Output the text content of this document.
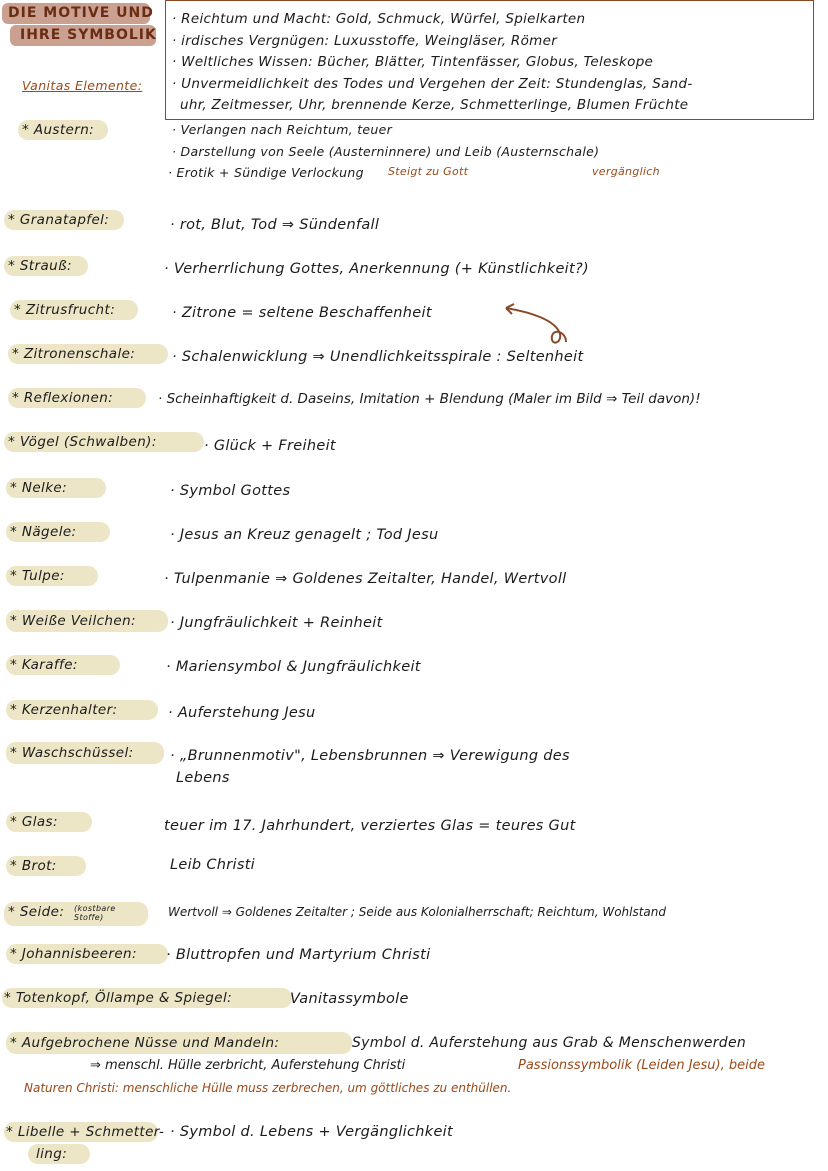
DIE MOTIVE UND
IHRE SYMBOLIK
Vanitas Elemente:
· Reichtum und Macht: Gold, Schmuck, Würfel, Spielkarten
· irdisches Vergnügen: Luxusstoffe, Weingläser, Römer
· Weltliches Wissen: Bücher, Blätter, Tintenfässer, Globus, Teleskope
· Unvermeidlichkeit des Todes und Vergehen der Zeit: Stundenglas, Sand-
uhr, Zeitmesser, Uhr, brennende Kerze, Schmetterlinge, Blumen Früchte
* Austern:	· Verlangen nach Reichtum, teuer
· Darstellung von Seele (Austerninnere) und Leib (Austernschale)
· Erotik + Sündige Verlockung Steigt zu Gott	vergänglich
* Granatapfel:	· rot, Blut, Tod ⇒ Sündenfall
* Strauß:	· Verherrlichung Gottes, Anerkennung (+ Künstlichkeit?)
* Zitrusfrucht:	· Zitrone = seltene Beschaffenheit
* Zitronenschale:	· Schalenwicklung ⇒ Unendlichkeitsspirale : Seltenheit
* Reflexionen:	· Scheinhaftigkeit d. Daseins, Imitation + Blendung (Maler im Bild ⇒ Teil davon)!
* Vögel (Schwalben):	· Glück + Freiheit
* Nelke:	· Symbol Gottes
* Nägele:	· Jesus an Kreuz genagelt ; Tod Jesu
* Tulpe:	· Tulpenmanie ⇒ Goldenes Zeitalter, Handel, Wertvoll
* Weiße Veilchen: · Jungfräulichkeit + Reinheit
* Karaffe:	· Mariensymbol & Jungfräulichkeit
* Kerzenhalter:	· Auferstehung Jesu
* Waschschüssel:	· „Brunnenmotiv", Lebensbrunnen ⇒ Verewigung des
Lebens
* Glas:	teuer im 17. Jahrhundert, verziertes Glas = teures Gut
* Brot:	Leib Christi
* Seide: (kostbare Stoffe)	Wertvoll ⇒ Goldenes Zeitalter ; Seide aus Kolonialherrschaft; Reichtum, Wohlstand
* Johannisbeeren: · Bluttropfen und Martyrium Christi
* Totenkopf, Öllampe & Spiegel:	Vanitassymbole
* Aufgebrochene Nüsse und Mandeln:	Symbol d. Auferstehung aus Grab & Menschenwerden
⇒ menschl. Hülle zerbricht, Auferstehung Christi	Passionssymbolik (Leiden Jesu), beide
Naturen Christi: menschliche Hülle muss zerbrechen, um göttliches zu enthüllen.
* Libelle + Schmetter-
ling:
· Symbol d. Lebens + Vergänglichkeit
